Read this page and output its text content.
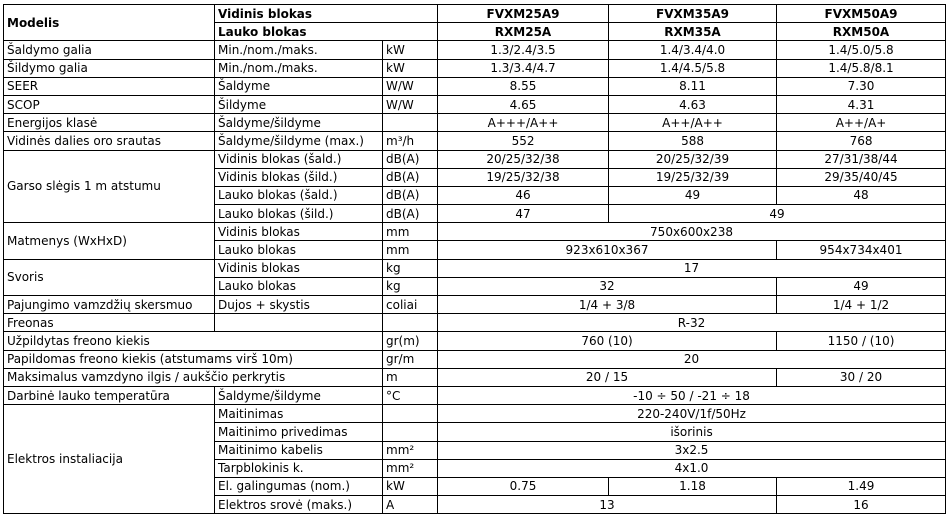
Modelis	Vidinis blokas		FVXM25A9	FVXM35A9	FVXM50A9
	Lauko blokas		RXM25A	RXM35A	RXM50A
Šaldymo galia	Min./nom./maks.	kW	1.3/2.4/3.5	1.4/3.4/4.0	1.4/5.0/5.8
Šildymo galia	Min./nom./maks.	kW	1.3/3.4/4.7	1.4/4.5/5.8	1.4/5.8/8.1
SEER	Šaldyme	W/W	8.55	8.11	7.30
SCOP	Šildyme	W/W	4.65	4.63	4.31
Energijos klasė	Šaldyme/šildyme		A+++/A++	A++/A++	A++/A+
Vidinės dalies oro srautas	Šaldyme/šildyme (max.)	m³/h	552	588	768
Garso slėgis 1 m atstumu	Vidinis blokas (šald.)	dB(A)	20/25/32/38	20/25/32/39	27/31/38/44
	Vidinis blokas (šild.)	dB(A)	19/25/32/38	19/25/32/39	29/35/40/45
	Lauko blokas (šald.)	dB(A)	46	49	48
	Lauko blokas (šild.)	dB(A)	47	49	
Matmenys (WxHxD)	Vidinis blokas	mm	750x600x238		
	Lauko blokas	mm	923x610x367		954x734x401
Svoris	Vidinis blokas	kg	17		
	Lauko blokas	kg	32		49
Pajungimo vamzdžių skersmuo	Dujos + skystis	coliai	1/4 + 3/8		1/4 + 1/2
Freonas			R-32		
Užpildytas freono kiekis		gr(m)	760 (10)		1150 / (10)
Papildomas freono kiekis (atstumams virš 10m)		gr/m	20		
Maksimalus vamzdyno ilgis / aukščio perkrytis		m	20 / 15		30 / 20
Darbinė lauko temperatūra	Šaldyme/šildyme	°C	-10 ÷ 50 / -21 ÷ 18		
Elektros instaliacija	Maitinimas		220-240V/1f/50Hz		
	Maitinimo privedimas		išorinis		
	Maitinimo kabelis	mm²	3x2.5		
	Tarpblokinis k.	mm²	4x1.0		
	El. galingumas (nom.)	kW	0.75	1.18	1.49
	Elektros srovė (maks.)	A	13		16
